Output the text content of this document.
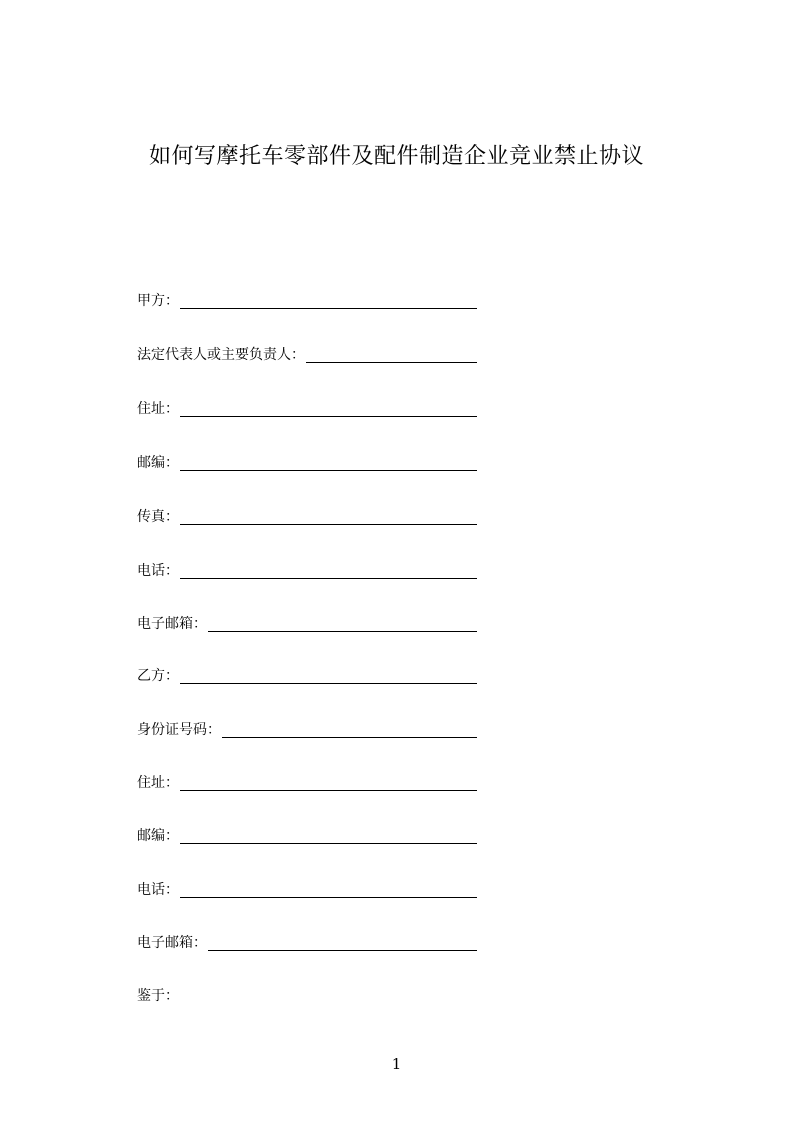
如何写摩托车零部件及配件制造企业竞业禁止协议
甲方：
法定代表人或主要负责人：
住址：
邮编：
传真：
电话：
电子邮箱：
乙方：
身份证号码：
住址：
邮编：
电话：
电子邮箱：
鉴于：
1
